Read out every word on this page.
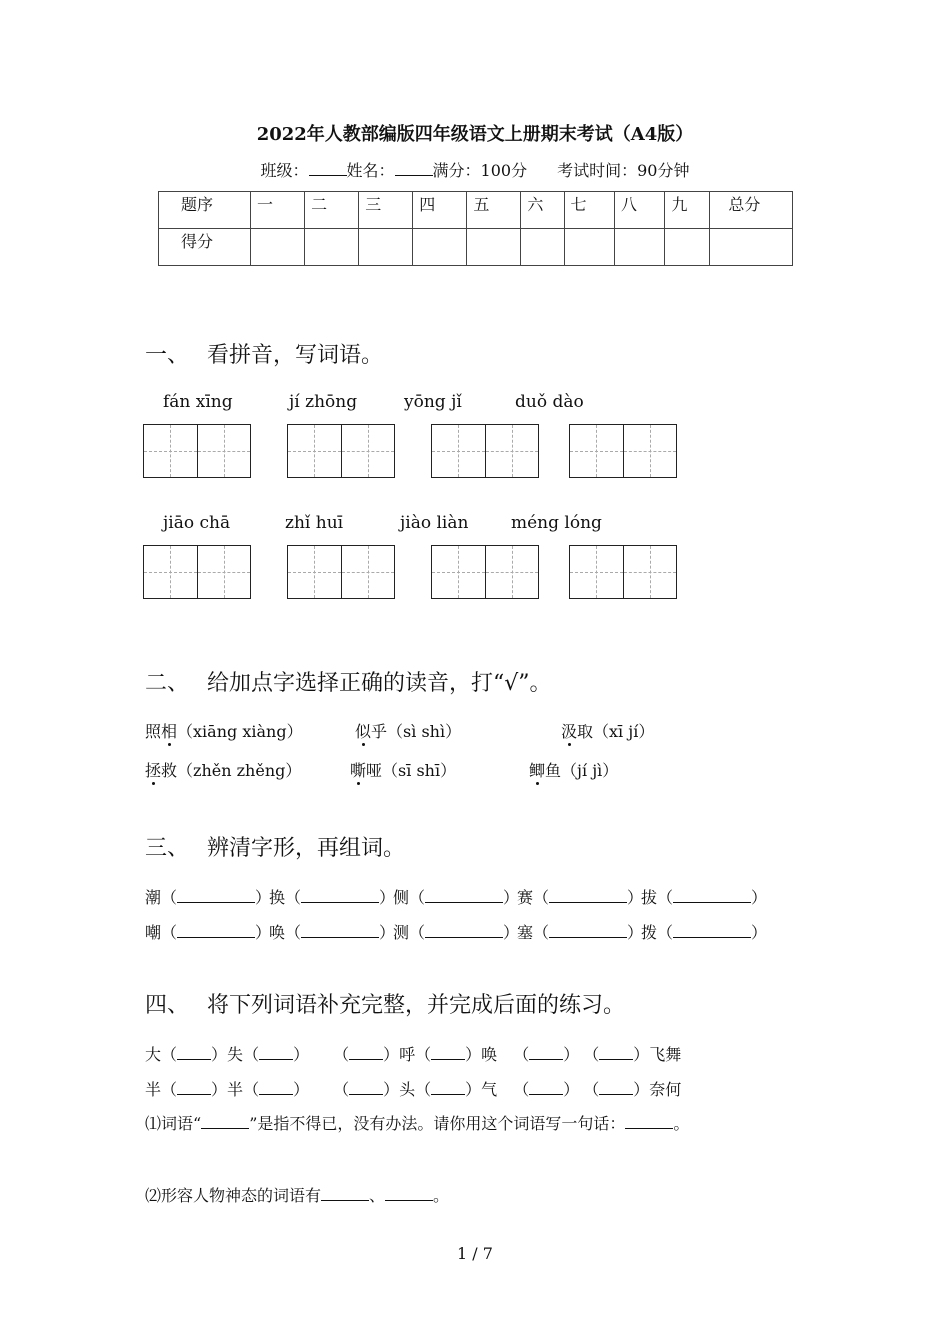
2022年人教部编版四年级语文上册期末考试（A4版）
班级： 姓名： 满分：100分 考试时间：90分钟
题序	一	二	三	四	五	六	七	八	九	总分
得分										
一、 看拼音，写词语。
fán xīng	jí zhōng	yōng jǐ	duǒ dào
jiāo chā	zhǐ huī	jiào liàn	méng lóng
二、 给加点字选择正确的读音，打“√”。
照相（xiāng xiàng）	似乎（sì shì）	汲取（xī jí）
拯救（zhěn zhěng）	嘶哑（sī shī）	鲫鱼（jí jì）
三、 辨清字形，再组词。
潮（	）换（	）侧（	）赛（	）拔（	）
嘲（	）唤（	）测（	）塞（	）拨（	）
四、 将下列词语补充完整，并完成后面的练习。
大（ ）失（ ） （ ）呼（ ）唤 （ ） （ ）飞舞
半（ ）半（ ） （ ）头（ ）气 （ ） （ ）奈何
⑴词语“	”是指不得已，没有办法。请你用这个词语写一句话：	。
⑵形容人物神态的词语有	、	。
1 / 7
